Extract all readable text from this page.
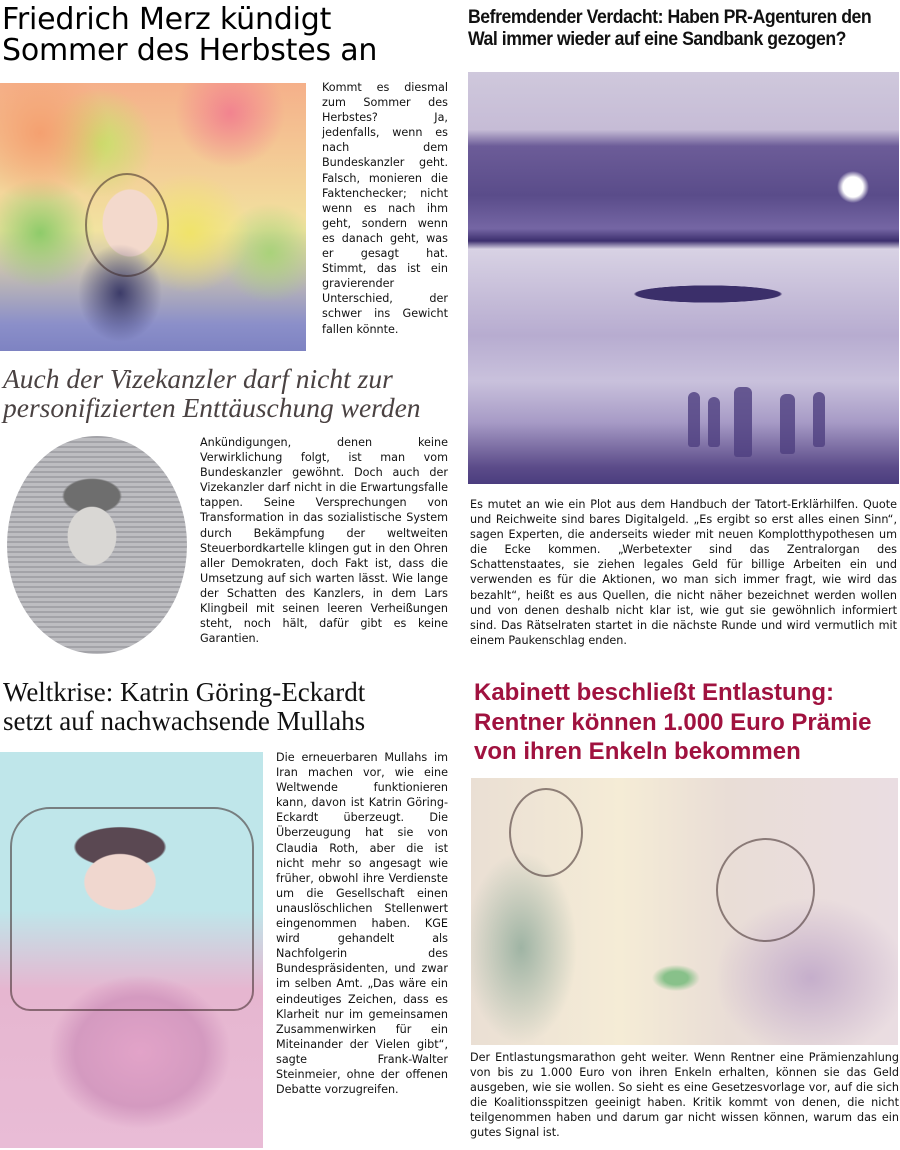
Friedrich Merz kündigt
Sommer des Herbstes an

Kommt es diesmal zum Sommer des Herbstes? Ja, jedenfalls, wenn es nach dem Bundeskanzler geht. Falsch, monieren die Faktenchecker; nicht wenn es nach ihm geht, sondern wenn es danach geht, was er gesagt hat. Stimmt, das ist ein gravierender Unterschied, der schwer ins Gewicht fallen könnte.

Auch der Vizekanzler darf nicht zur
personifizierten Enttäuschung werden

Ankündigungen, denen keine Verwirklichung folgt, ist man vom Bundeskanzler gewöhnt. Doch auch der Vizekanzler darf nicht in die Erwartungsfalle tappen. Seine Versprechungen von Transformation in das sozialistische System durch Bekämpfung der weltweiten Steuerbordkartelle klingen gut in den Ohren aller Demokraten, doch Fakt ist, dass die Umsetzung auf sich warten lässt. Wie lange der Schatten des Kanzlers, in dem Lars Klingbeil mit seinen leeren Verheißungen steht, noch hält, dafür gibt es keine Garantien.

Befremdender Verdacht: Haben PR-Agenturen den
Wal immer wieder auf eine Sandbank gezogen?

Es mutet an wie ein Plot aus dem Handbuch der Tatort-Erklärhilfen. Quote und Reichweite sind bares Digitalgeld. „Es ergibt so erst alles einen Sinn“, sagen Experten, die anderseits wieder mit neuen Komplotthypothesen um die Ecke kommen. „Werbetexter sind das Zentralorgan des Schattenstaates, sie ziehen legales Geld für billige Arbeiten ein und verwenden es für die Aktionen, wo man sich immer fragt, wie wird das bezahlt“, heißt es aus Quellen, die nicht näher bezeichnet werden wollen und von denen deshalb nicht klar ist, wie gut sie gewöhnlich informiert sind. Das Rätselraten startet in die nächste Runde und wird vermutlich mit einem Paukenschlag enden.

Weltkrise: Katrin Göring-Eckardt
setzt auf nachwachsende Mullahs

Die erneuerbaren Mullahs im Iran machen vor, wie eine Weltwende funktionieren kann, davon ist Katrin Göring-Eckardt überzeugt. Die Überzeugung hat sie von Claudia Roth, aber die ist nicht mehr so angesagt wie früher, obwohl ihre Verdienste um die Gesellschaft einen unauslöschlichen Stellenwert eingenommen haben. KGE wird gehandelt als Nachfolgerin des Bundespräsidenten, und zwar im selben Amt. „Das wäre ein eindeutiges Zeichen, dass es Klarheit nur im gemeinsamen Zusammenwirken für ein Miteinander der Vielen gibt“, sagte Frank-Walter Steinmeier, ohne der offenen Debatte vorzugreifen.

Kabinett beschließt Entlastung:
Rentner können 1.000 Euro Prämie
von ihren Enkeln bekommen

Der Entlastungsmarathon geht weiter. Wenn Rentner eine Prämienzahlung von bis zu 1.000 Euro von ihren Enkeln erhalten, können sie das Geld ausgeben, wie sie wollen. So sieht es eine Gesetzesvorlage vor, auf die sich die Koalitionsspitzen geeinigt haben. Kritik kommt von denen, die nicht teilgenommen haben und darum gar nicht wissen können, warum das ein gutes Signal ist.
